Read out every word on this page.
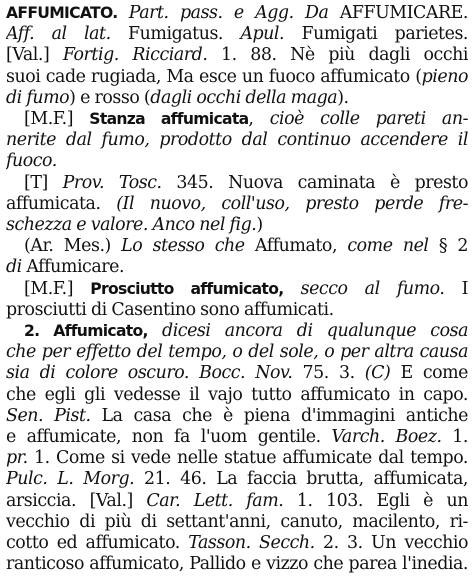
AFFUMICATO. Part. pass. e Agg. Da AFFUMICARE.
Aff. al lat. Fumigatus. Apul. Fumigati parietes.
[Val.] Fortig. Ricciard. 1. 88. Nè più dagli occhi
suoi cade rugiada, Ma esce un fuoco affumicato (pieno
di fumo) e rosso (dagli occhi della maga).
[M.F.] Stanza affumicata, cioè colle pareti an-
nerite dal fumo, prodotto dal continuo accendere il
fuoco.
[T] Prov. Tosc. 345. Nuova caminata è presto
affumicata. (Il nuovo, coll'uso, presto perde fre-
schezza e valore. Anco nel fig.)
(Ar. Mes.) Lo stesso che Affumato, come nel § 2
di Affumicare.
[M.F.] Prosciutto affumicato, secco al fumo. I
prosciutti di Casentino sono affumicati.
2. Affumicato, dicesi ancora di qualunque cosa
che per effetto del tempo, o del sole, o per altra causa
sia di colore oscuro. Bocc. Nov. 75. 3. (C) E come
che egli gli vedesse il vajo tutto affumicato in capo.
Sen. Pist. La casa che è piena d'immagini antiche
e affumicate, non fa l'uom gentile. Varch. Boez. 1.
pr. 1. Come si vede nelle statue affumicate dal tempo.
Pulc. L. Morg. 21. 46. La faccia brutta, affumicata,
arsiccia. [Val.] Car. Lett. fam. 1. 103. Egli è un
vecchio di più di settant'anni, canuto, macilento, ri-
cotto ed affumicato. Tasson. Secch. 2. 3. Un vecchio
ranticoso affumicato, Pallido e vizzo che parea l'inedia.
